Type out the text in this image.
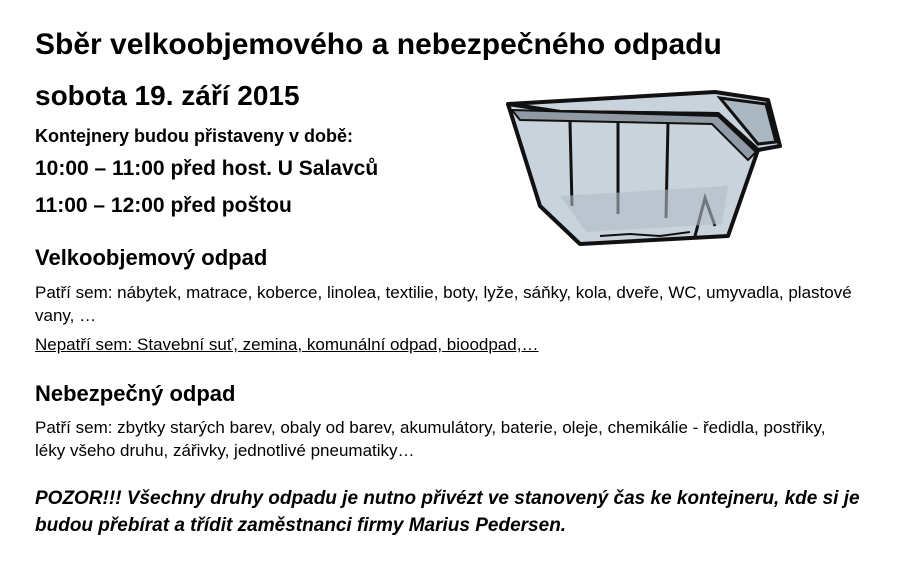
Sběr velkoobjemového a nebezpečného odpadu
sobota 19. září 2015
Kontejnery budou přistaveny v době:
10:00 – 11:00 před host. U Salavců
11:00 – 12:00 před poštou
Velkoobjemový odpad
Patří sem: nábytek, matrace, koberce, linolea, textilie, boty, lyže, sáňky, kola, dveře, WC, umyvadla, plastové vany, …
Nepatří sem: Stavební suť, zemina, komunální odpad, bioodpad,…
Nebezpečný odpad
Patří sem: zbytky starých barev, obaly od barev, akumulátory, baterie, oleje, chemikálie - ředidla, postřiky, léky všeho druhu, zářivky, jednotlivé pneumatiky…
POZOR!!! Všechny druhy odpadu je nutno přivézt ve stanovený čas ke kontejneru, kde si je budou přebírat a třídit zaměstnanci firmy Marius Pedersen.
